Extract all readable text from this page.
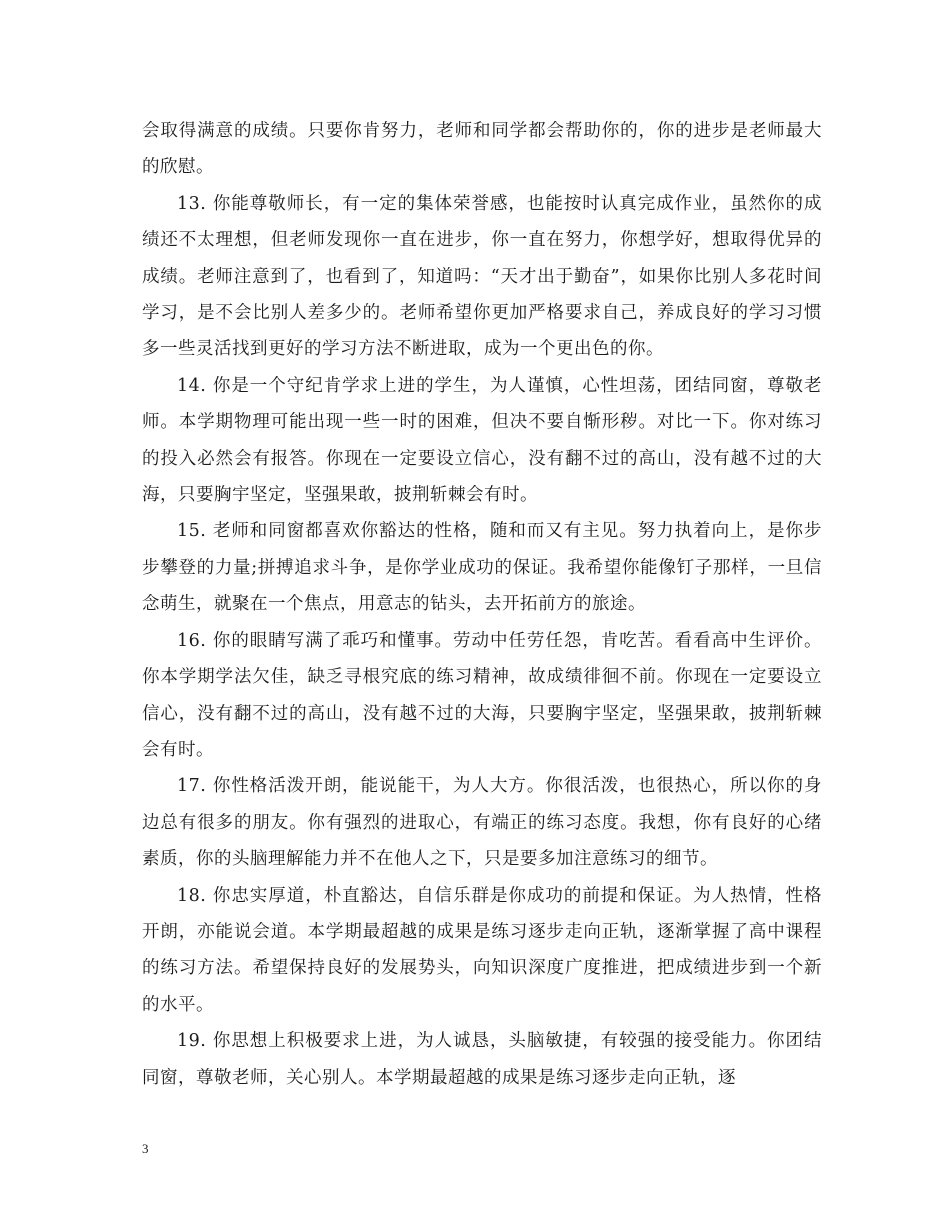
会取得满意的成绩。只要你肯努力，老师和同学都会帮助你的，你的进步是老师最大的欣慰。

13. 你能尊敬师长，有一定的集体荣誉感，也能按时认真完成作业，虽然你的成绩还不太理想，但老师发现你一直在进步，你一直在努力，你想学好，想取得优异的成绩。老师注意到了，也看到了，知道吗：“天才出于勤奋”，如果你比别人多花时间学习，是不会比别人差多少的。老师希望你更加严格要求自己，养成良好的学习习惯多一些灵活找到更好的学习方法不断进取，成为一个更出色的你。

14. 你是一个守纪肯学求上进的学生，为人谨慎，心性坦荡，团结同窗，尊敬老师。本学期物理可能出现一些一时的困难，但决不要自惭形秽。对比一下。你对练习的投入必然会有报答。你现在一定要设立信心，没有翻不过的高山，没有越不过的大海，只要胸宇坚定，坚强果敢，披荆斩棘会有时。

15. 老师和同窗都喜欢你豁达的性格，随和而又有主见。努力执着向上，是你步步攀登的力量;拼搏追求斗争，是你学业成功的保证。我希望你能像钉子那样，一旦信念萌生，就聚在一个焦点，用意志的钻头，去开拓前方的旅途。

16. 你的眼睛写满了乖巧和懂事。劳动中任劳任怨，肯吃苦。看看高中生评价。你本学期学法欠佳，缺乏寻根究底的练习精神，故成绩徘徊不前。你现在一定要设立信心，没有翻不过的高山，没有越不过的大海，只要胸宇坚定，坚强果敢，披荆斩棘会有时。

17. 你性格活泼开朗，能说能干，为人大方。你很活泼，也很热心，所以你的身边总有很多的朋友。你有强烈的进取心，有端正的练习态度。我想，你有良好的心绪素质，你的头脑理解能力并不在他人之下，只是要多加注意练习的细节。

18. 你忠实厚道，朴直豁达，自信乐群是你成功的前提和保证。为人热情，性格开朗，亦能说会道。本学期最超越的成果是练习逐步走向正轨，逐渐掌握了高中课程的练习方法。希望保持良好的发展势头，向知识深度广度推进，把成绩进步到一个新的水平。

19. 你思想上积极要求上进，为人诚恳，头脑敏捷，有较强的接受能力。你团结同窗，尊敬老师，关心别人。本学期最超越的成果是练习逐步走向正轨，逐

3
